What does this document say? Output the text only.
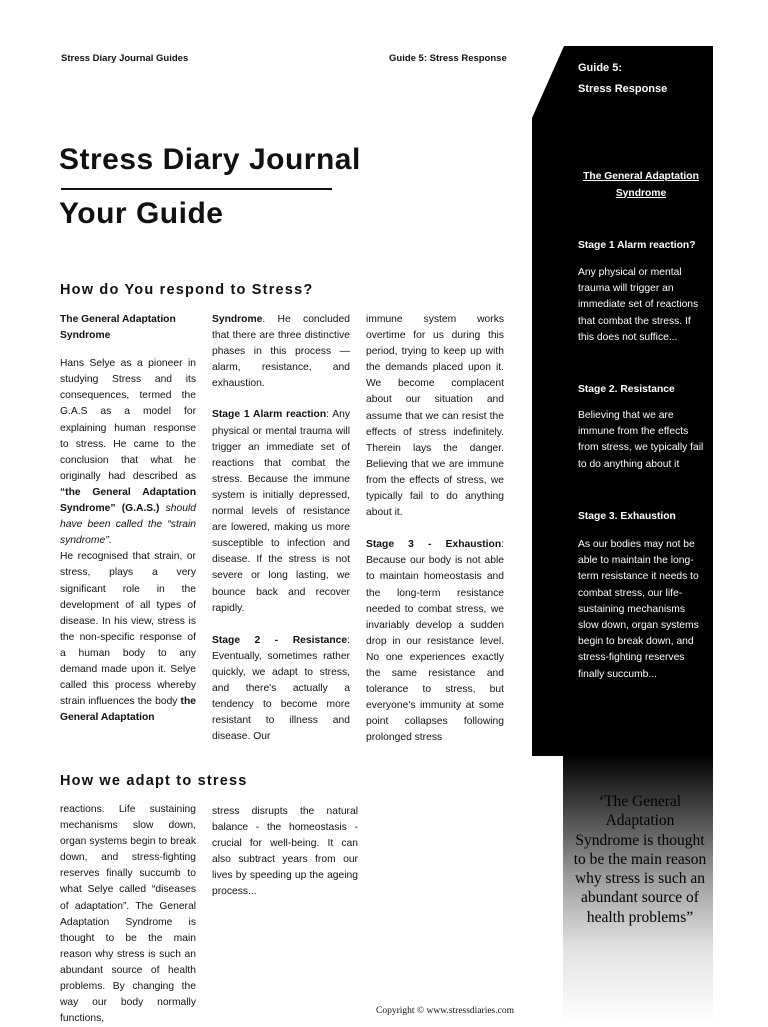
Stress Diary Journal Guides	Guide 5: Stress Response
Stress Diary Journal
Your Guide
How do You respond to Stress?

The General Adaptation Syndrome

Hans Selye as a pioneer in studying Stress and its consequences, termed the G.A.S as a model for explaining human response to stress. He came to the conclusion that what he originally had described as “the General Adaptation Syndrome” (G.A.S.) should have been called the “strain syndrome”.

He recognised that strain, or stress, plays a very significant role in the development of all types of disease. In his view, stress is the non-specific response of a human body to any demand made upon it. Selye called this process whereby strain influences the body the General Adaptation

Syndrome. He concluded that there are three distinctive phases in this process — alarm, resistance, and exhaustion.

Stage 1 Alarm reaction: Any physical or mental trauma will trigger an immediate set of reactions that combat the stress. Because the immune system is initially depressed, normal levels of resistance are lowered, making us more susceptible to infection and disease. If the stress is not severe or long lasting, we bounce back and recover rapidly.

Stage 2 - Resistance: Eventually, sometimes rather quickly, we adapt to stress, and there's actually a tendency to become more resistant to illness and disease. Our

immune system works overtime for us during this period, trying to keep up with the demands placed upon it. We become complacent about our situation and assume that we can resist the effects of stress indefinitely. Therein lays the danger. Believing that we are immune from the effects of stress, we typically fail to do anything about it.

Stage 3 - Exhaustion: Because our body is not able to maintain homeostasis and the long-term resistance needed to combat stress, we invariably develop a sudden drop in our resistance level. No one experiences exactly the same resistance and tolerance to stress, but everyone's immunity at some point collapses following prolonged stress

How we adapt to stress

reactions. Life sustaining mechanisms slow down, organ systems begin to break down, and stress-fighting reserves finally succumb to what Selye called “diseases of adaptation”. The General Adaptation Syndrome is thought to be the main reason why stress is such an abundant source of health problems. By changing the way our body normally functions,

stress disrupts the natural balance - the homeostasis - crucial for well-being. It can also subtract years from our lives by speeding up the ageing process...

Guide 5:
Stress Response
The General Adaptation Syndrome
Stage 1 Alarm reaction?
Any physical or mental trauma will trigger an immediate set of reactions that combat the stress. If this does not suffice...
Stage 2. Resistance
Believing that we are immune from the effects from stress, we typically fail to do anything about it
Stage 3. Exhaustion
As our bodies may not be able to maintain the long-term resistance it needs to combat stress, our life-sustaining mechanisms slow down, organ systems begin to break down, and stress-fighting reserves finally succumb...
‘The General Adaptation Syndrome is thought to be the main reason why stress is such an abundant source of health problems”
Copyright © www.stressdiaries.com
